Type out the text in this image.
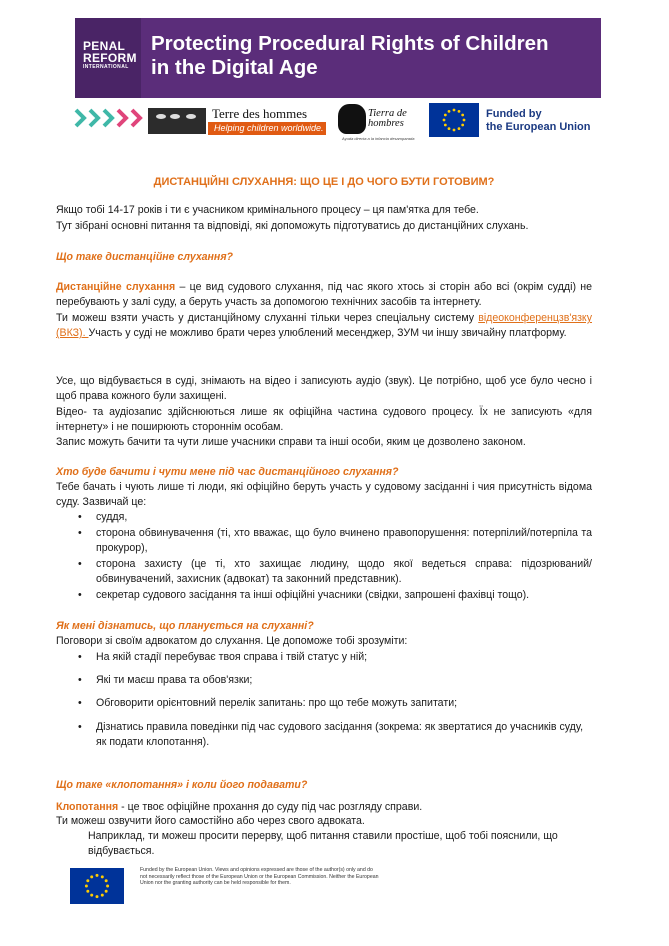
PENAL
REFORM
INTERNATIONAL
Protecting Procedural Rights of Children
in the Digital Age
Terre des hommes
Helping children worldwide.
Tierra de
hombres
Ayuda directa a la infancia desamparada
Funded by
the European Union
ДИСТАНЦІЙНІ СЛУХАННЯ: ЩО ЦЕ І ДО ЧОГО БУТИ ГОТОВИМ?

Якщо тобі 14-17 років і ти є учасником кримінального процесу – ця пам'ятка для тебе.

Тут зібрані основні питання та відповіді, які допоможуть підготуватись до дистанційних слухань.

Що таке дистанційне слухання?

Дистанційне слухання – це вид судового слухання, під час якого хтось зі сторін або всі (окрім судді) не перебувають у залі суду, а беруть участь за допомогою технічних засобів та інтернету.

Ти можеш взяти участь у дистанційному слуханні тільки через спеціальну систему відеоконференцзв'язку (ВКЗ). Участь у суді не можливо брати через улюблений месенджер, ЗУМ чи іншу звичайну платформу.

Усе, що відбувається в суді, знімають на відео і записують аудіо (звук). Це потрібно, щоб усе було чесно і щоб права кожного були захищені.

Відео- та аудіозапис здійснюються лише як офіційна частина судового процесу. Їх не записують «для інтернету» і не поширюють стороннім особам.

Запис можуть бачити та чути лише учасники справи та інші особи, яким це дозволено законом.

Хто буде бачити і чути мене під час дистанційного слухання?

Тебе бачать і чують лише ті люди, які офіційно беруть участь у судовому засіданні і чия присутність відома суду. Зазвичай це:

•	суддя,
•	сторона обвинувачення (ті, хто вважає, що було вчинено правопорушення: потерпілий/потерпіла та прокурор),
•	сторона захисту (це ті, хто захищає людину, щодо якої ведеться справа: підозрюваний/обвинувачений, захисник (адвокат) та законний представник).
•	секретар судового засідання та інші офіційні учасники (свідки, запрошені фахівці тощо).

Як мені дізнатись, що планується на слуханні?

Поговори зі своїм адвокатом до слухання. Це допоможе тобі зрозуміти:

•	На якій стадії перебуває твоя справа і твій статус у ній;
•	Які ти маєш права та обов'язки;
•	Обговорити орієнтовний перелік запитань: про що тебе можуть запитати;
•	Дізнатись правила поведінки під час судового засідання (зокрема: як звертатися до учасників суду, як подати клопотання).

Що таке «клопотання» і коли його подавати?

Клопотання - це твоє офіційне прохання до суду під час розгляду справи.

Ти можеш озвучити його самостійно або через свого адвоката.

Наприклад, ти можеш просити перерву, щоб питання ставили простіше, щоб тобі пояснили, що відбувається.

Funded by the European Union. Views and opinions expressed are those of the author(s) only and do not necessarily reflect those of the European Union or the European Commission. Neither the European Union nor the granting authority can be held responsible for them.
